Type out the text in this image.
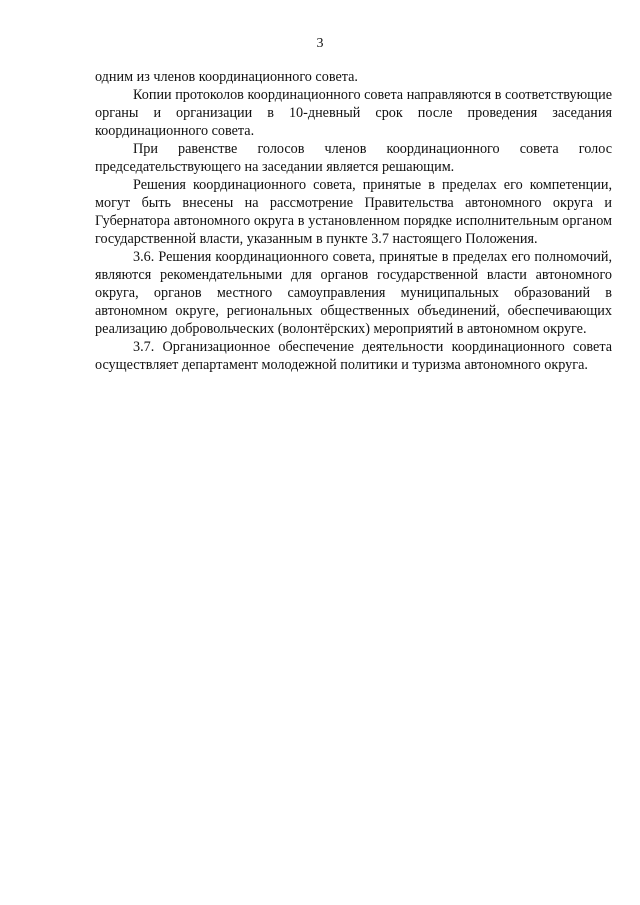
3

одним из членов координационного совета.

Копии протоколов координационного совета направляются в соответствующие органы и организации в 10-дневный срок после проведения заседания координационного совета.

При равенстве голосов членов координационного совета голос председательствующего на заседании является решающим.

Решения координационного совета, принятые в пределах его компетенции, могут быть внесены на рассмотрение Правительства автономного округа и Губернатора автономного округа в установленном порядке исполнительным органом государственной власти, указанным в пункте 3.7 настоящего Положения.

3.6. Решения координационного совета, принятые в пределах его полномочий, являются рекомендательными для органов государственной власти автономного округа, органов местного самоуправления муниципальных образований в автономном округе, региональных общественных объединений, обеспечивающих реализацию добровольческих (волонтёрских) мероприятий в автономном округе.

3.7. Организационное обеспечение деятельности координационного совета осуществляет департамент молодежной политики и туризма автономного округа.
